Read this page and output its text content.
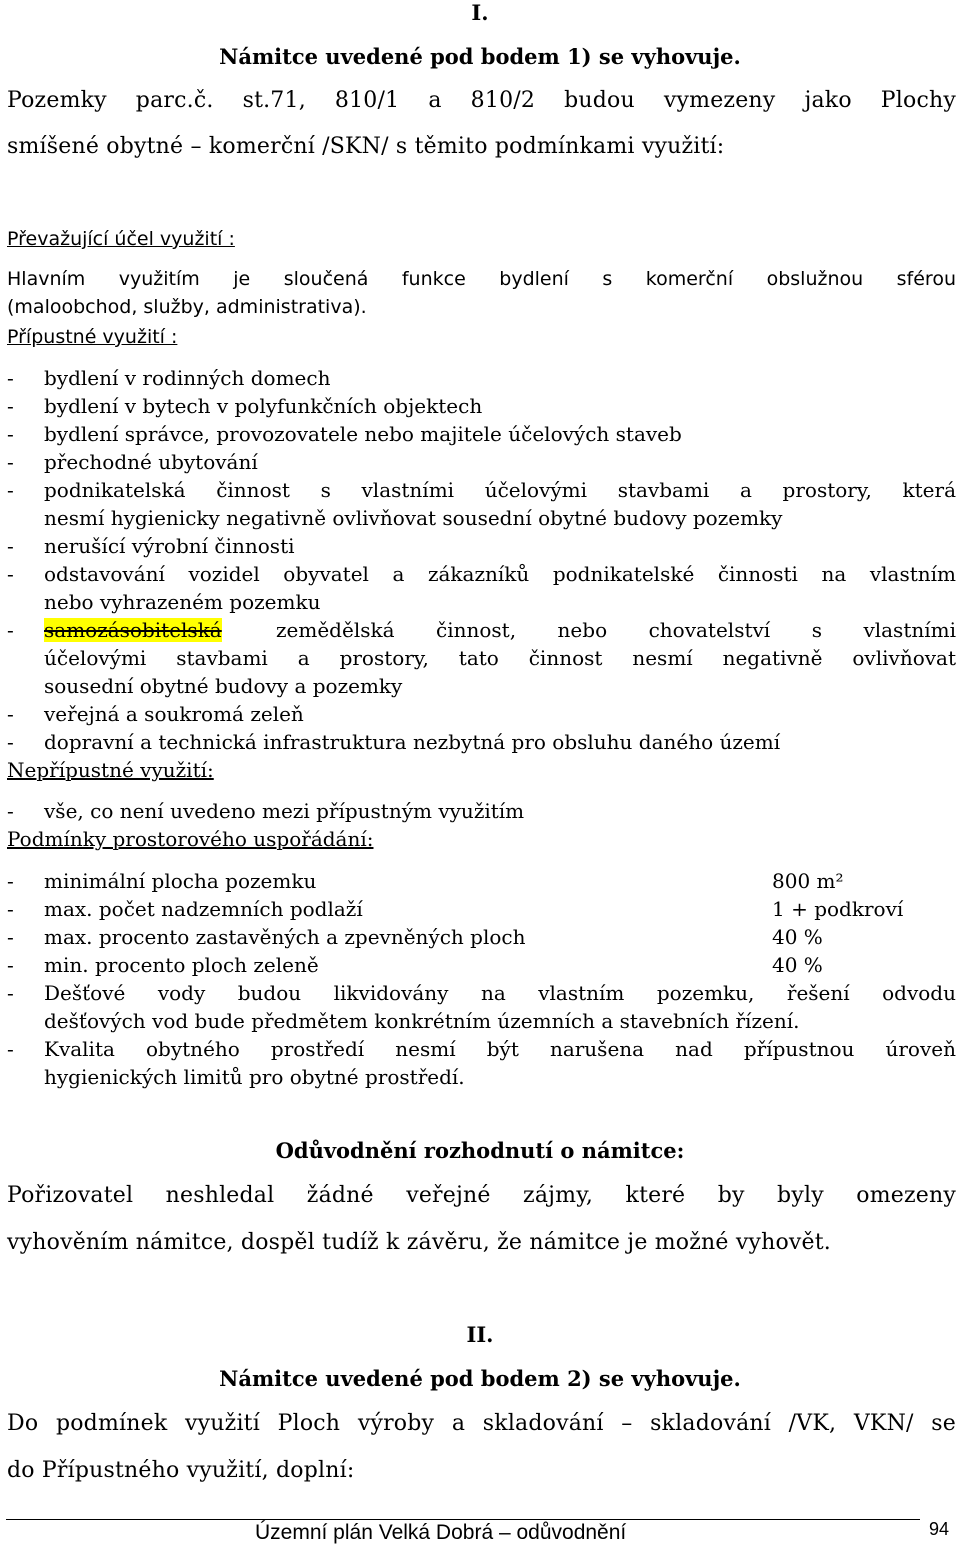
I.
Námitce uvedené pod bodem 1) se vyhovuje.
Pozemky parc.č. st.71, 810/1 a 810/2 budou vymezeny jako Plochy
smíšené obytné – komerční /SKN/ s těmito podmínkami využití:
Převažující účel využití :
Hlavním využitím je sloučená funkce bydlení s komerční obslužnou sférou
(maloobchod, služby, administrativa).
Přípustné využití :
- bydlení v rodinných domech
- bydlení v bytech v polyfunkčních objektech
- bydlení správce, provozovatele nebo majitele účelových staveb
- přechodné ubytování
- podnikatelská činnost s vlastními účelovými stavbami a prostory, která
nesmí hygienicky negativně ovlivňovat sousední obytné budovy pozemky
- nerušící výrobní činnosti
- odstavování vozidel obyvatel a zákazníků podnikatelské činnosti na vlastním
nebo vyhrazeném pozemku
- samozásobitelská	zemědělská činnost, nebo chovatelství s vlastními
účelovými stavbami a prostory, tato činnost nesmí negativně ovlivňovat
sousední obytné budovy a pozemky
- veřejná a soukromá zeleň
- dopravní a technická infrastruktura nezbytná pro obsluhu daného území
Nepřípustné využití:
- vše, co není uvedeno mezi přípustným využitím
Podmínky prostorového uspořádání:
- minimální plocha pozemku	800 m²
- max. počet nadzemních podlaží	1 + podkroví
- max. procento zastavěných a zpevněných ploch	40 %
- min. procento ploch zeleně	40 %
- Dešťové vody budou likvidovány na vlastním pozemku, řešení odvodu
dešťových vod bude předmětem konkrétním územních a stavebních řízení.
- Kvalita obytného prostředí nesmí být narušena nad přípustnou úroveň
hygienických limitů pro obytné prostředí.
Odůvodnění rozhodnutí o námitce:
Pořizovatel neshledal žádné veřejné zájmy, které by byly omezeny
vyhověním námitce, dospěl tudíž k závěru, že námitce je možné vyhovět.
II.
Námitce uvedené pod bodem 2) se vyhovuje.
Do podmínek využití Ploch výroby a skladování – skladování /VK, VKN/ se
do Přípustného využití, doplní:
Územní plán Velká Dobrá – odůvodnění	94
